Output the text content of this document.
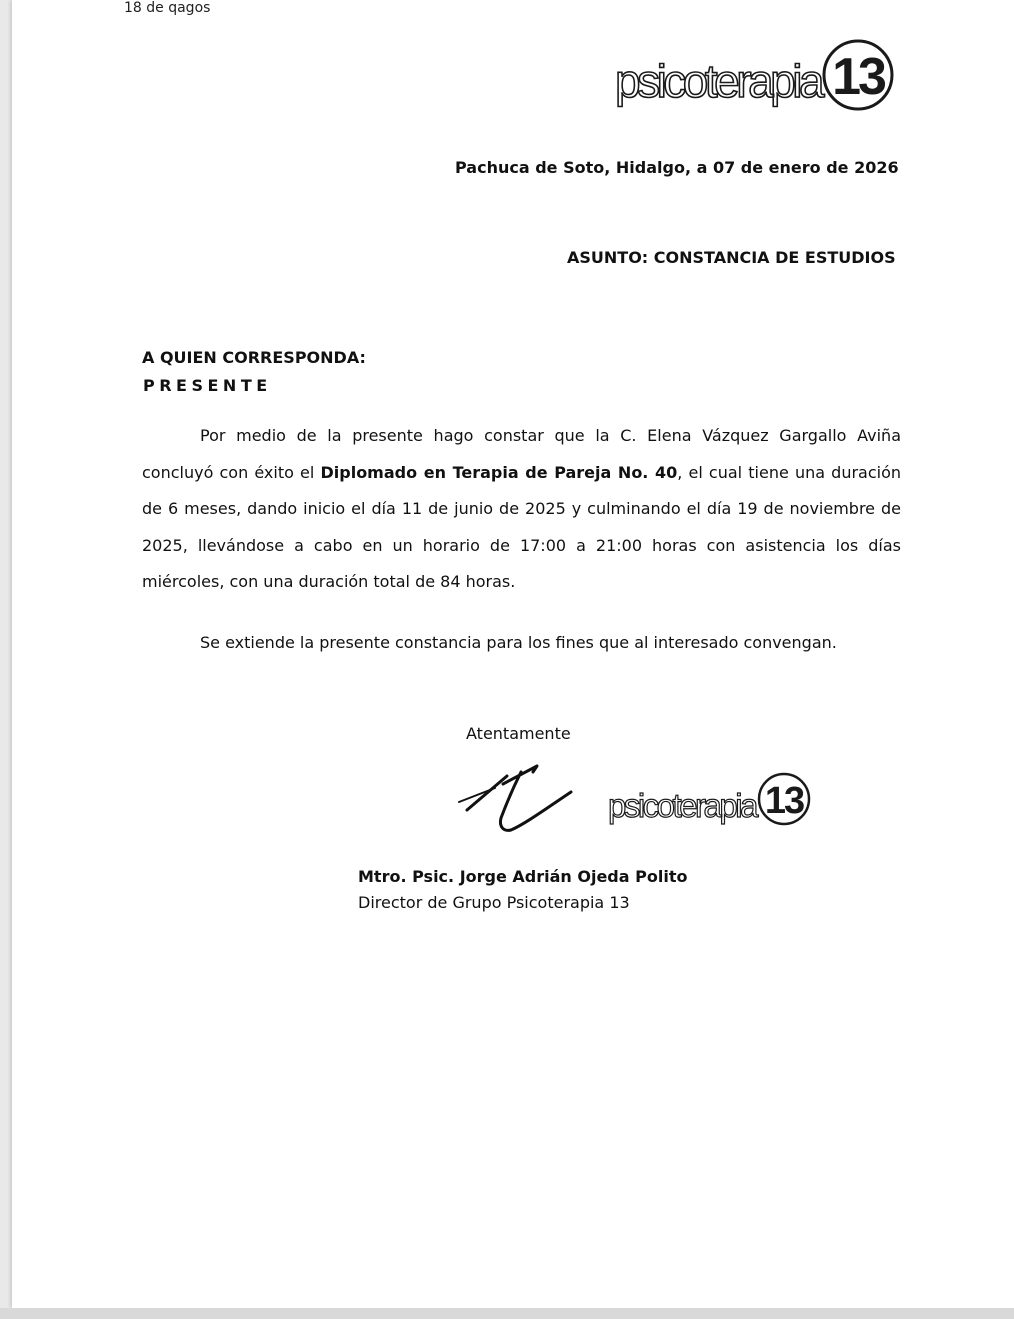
18 de qagos
psicoterapia 13
Pachuca de Soto, Hidalgo, a 07 de enero de 2026
ASUNTO: CONSTANCIA DE ESTUDIOS
A QUIEN CORRESPONDA:
PRESENTE

Por medio de la presente hago constar que la C. Elena Vázquez Gargallo Aviña concluyó con éxito el Diplomado en Terapia de Pareja No. 40, el cual tiene una duración de 6 meses, dando inicio el día 11 de junio de 2025 y culminando el día 19 de noviembre de 2025, llevándose a cabo en un horario de 17:00 a 21:00 horas con asistencia los días miércoles, con una duración total de 84 horas.

Se extiende la presente constancia para los fines que al interesado convengan.

Atentamente
psicoterapia 13
Mtro. Psic. Jorge Adrián Ojeda Polito
Director de Grupo Psicoterapia 13
